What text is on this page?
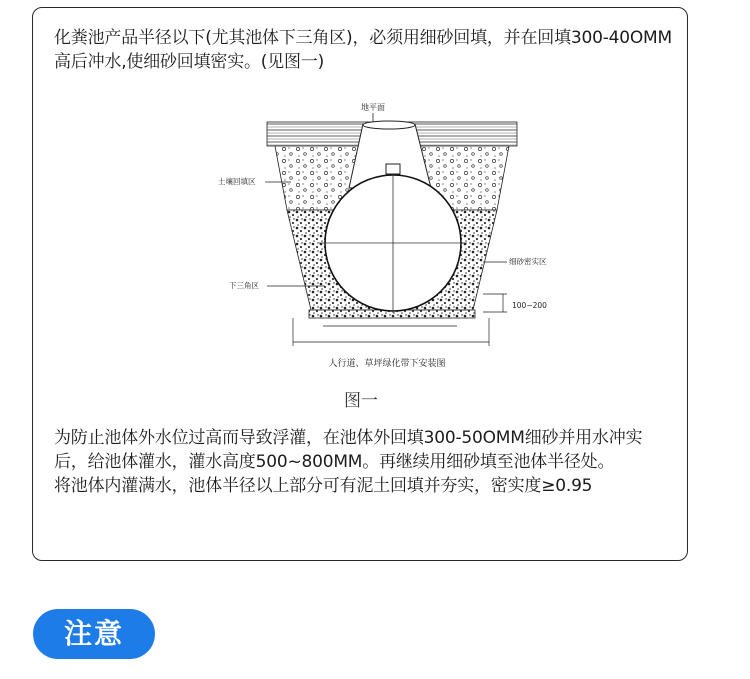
化粪池产品半径以下(尤其池体下三角区)，必须用细砂回填，并在回填300-40OMM高后冲水,使细砂回填密实。(见图一)

地平面
土壤回填区
细砂密实区
下三角区
100~200
人行道、草坪绿化带下安装图
图一

为防止池体外水位过高而导致浮灌，在池体外回填300-50OMM细砂并用水冲实后，给池体灌水，灌水高度500~800MM。再继续用细砂填至池体半径处。
将池体内灌满水，池体半径以上部分可有泥土回填并夯实，密实度≥0.95

注意
